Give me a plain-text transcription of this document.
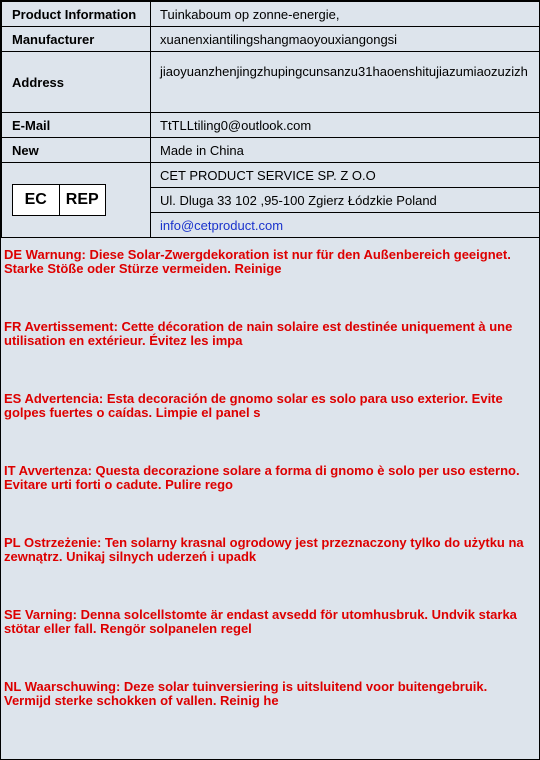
Product Information	Tuinkaboum op zonne-energie,
Manufacturer	xuanenxiantilingshangmaoyouxiangongsi
Address	jiaoyuanzhenjingzhupingcunsanzu31haoenshitujiazumiaozuzizh
E-Mail	TtTLLtiling0@outlook.com
New	Made in China

EC REP	CET PRODUCT SERVICE SP. Z O.O
	Ul. Dluga 33 102 ,95-100 Zgierz Łódzkie Poland
	info@cetproduct.com
DE Warnung: Diese Solar-Zwergdekoration ist nur für den Außenbereich geeignet. Starke Stöße oder Stürze vermeiden. Reinige
FR Avertissement: Cette décoration de nain solaire est destinée uniquement à une utilisation en extérieur. Évitez les impa
ES Advertencia: Esta decoración de gnomo solar es solo para uso exterior. Evite golpes fuertes o caídas. Limpie el panel s
IT Avvertenza: Questa decorazione solare a forma di gnomo è solo per uso esterno. Evitare urti forti o cadute. Pulire rego
PL Ostrzeżenie: Ten solarny krasnal ogrodowy jest przeznaczony tylko do użytku na zewnątrz. Unikaj silnych uderzeń i upadk
SE Varning: Denna solcellstomte är endast avsedd för utomhusbruk. Undvik starka stötar eller fall. Rengör solpanelen regel
NL Waarschuwing: Deze solar tuinversiering is uitsluitend voor buitengebruik. Vermijd sterke schokken of vallen. Reinig he
